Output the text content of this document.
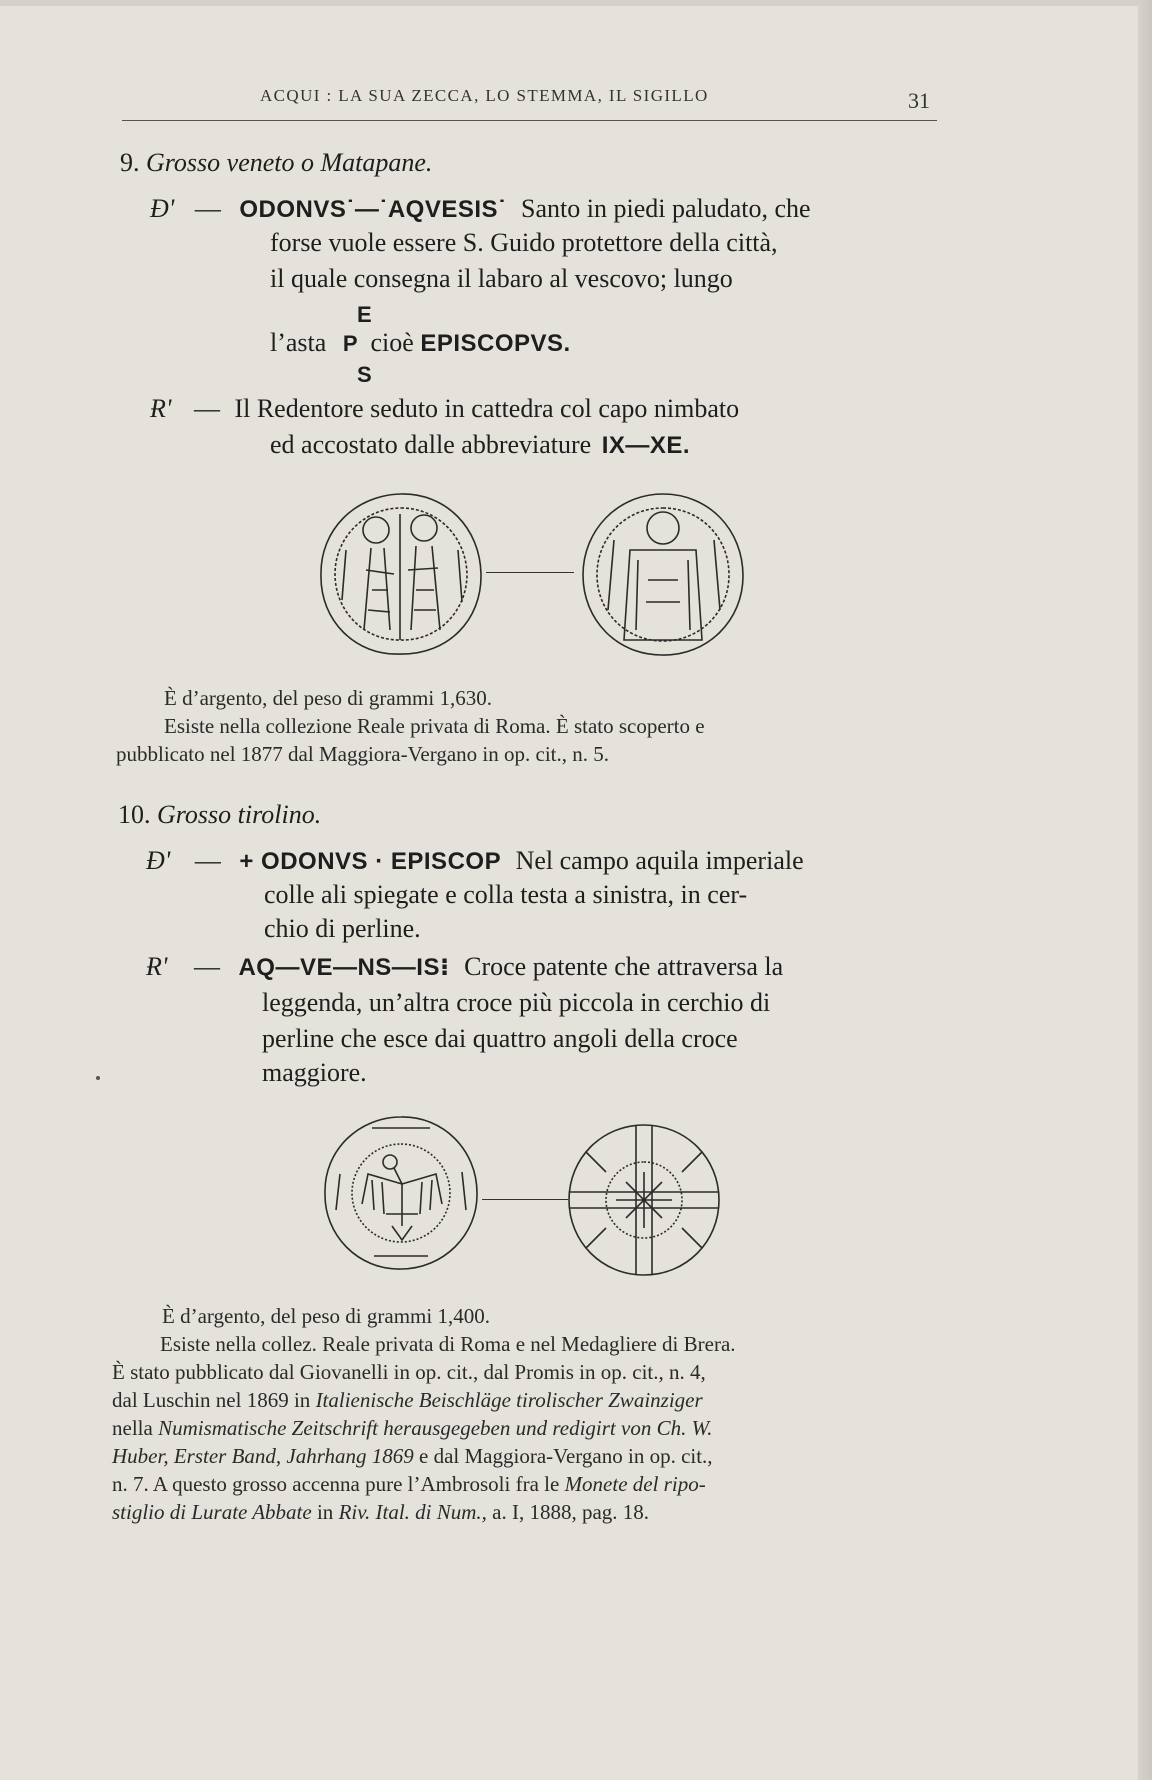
ACQUI : LA SUA ZECCA, LO STEMMA, IL SIGILLO	31
9. Grosso veneto o Matapane.
Ɖ' — ODONVS˙—˙AQVESIS˙ Santo in piedi paludato, che
forse vuole essere S. Guido protettore della città,
il quale consegna il labaro al vescovo; lungo
E
l’asta P cioè EPISCOPVS.
S
Ɍ' — Il Redentore seduto in cattedra col capo nimbato
ed accostato dalle abbreviature IX—XE.
È d’argento, del peso di grammi 1,630.
Esiste nella collezione Reale privata di Roma. È stato scoperto e
pubblicato nel 1877 dal Maggiora-Vergano in op. cit., n. 5.
10. Grosso tirolino.
Ɖ' — + ODONVS · EPISCOP Nel campo aquila imperiale
colle ali spiegate e colla testa a sinistra, in cer-
chio di perline.
Ɍ' — AQ—VE—NS—IS⁝ Croce patente che attraversa la
leggenda, un’altra croce più piccola in cerchio di
perline che esce dai quattro angoli della croce
maggiore.
È d’argento, del peso di grammi 1,400.
Esiste nella collez. Reale privata di Roma e nel Medagliere di Brera.
È stato pubblicato dal Giovanelli in op. cit., dal Promis in op. cit., n. 4,
dal Luschin nel 1869 in Italienische Beischläge tirolischer Zwainziger
nella Numismatische Zeitschrift herausgegeben und redigirt von Ch. W.
Huber, Erster Band, Jahrhang 1869 e dal Maggiora-Vergano in op. cit.,
n. 7. A questo grosso accenna pure l’Ambrosoli fra le Monete del ripo-
stiglio di Lurate Abbate in Riv. Ital. di Num., a. I, 1888, pag. 18.
